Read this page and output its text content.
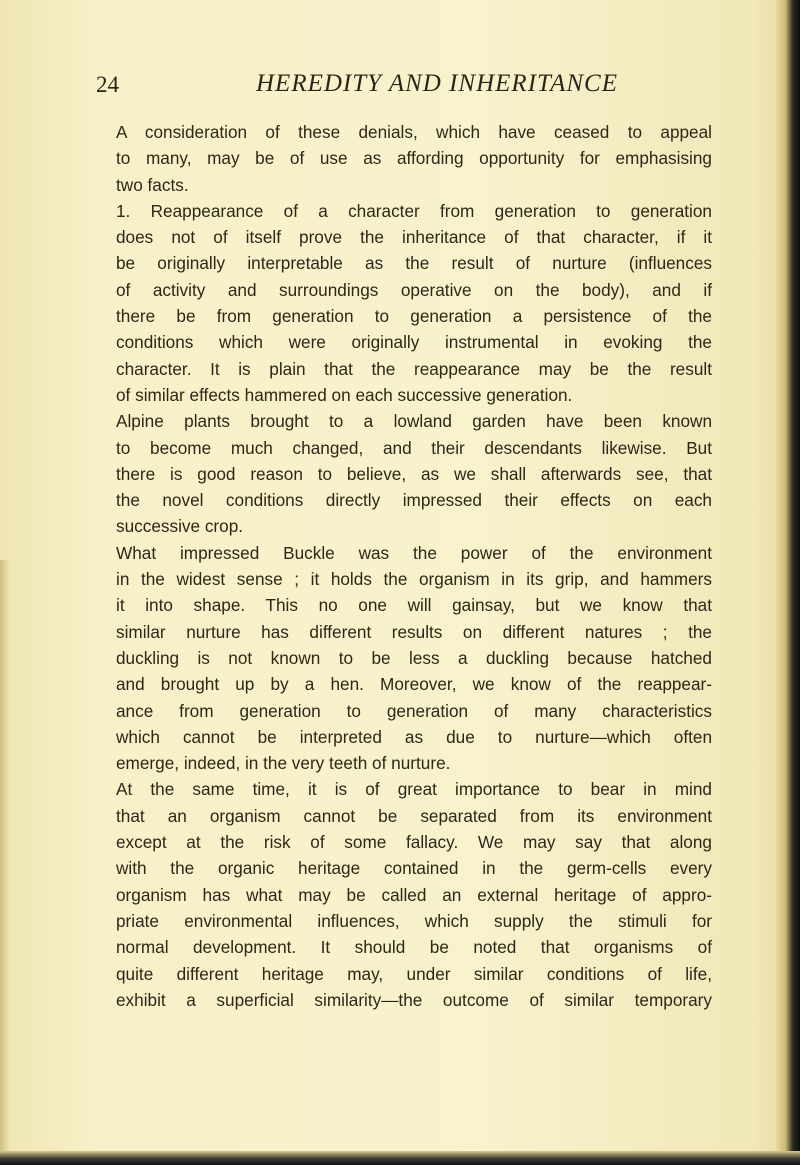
24	HEREDITY AND INHERITANCE
A consideration of these denials, which have ceased to appeal
to many, may be of use as affording opportunity for emphasising
two facts.
1. Reappearance of a character from generation to generation
does not of itself prove the inheritance of that character, if it
be originally interpretable as the result of nurture (influences
of activity and surroundings operative on the body), and if
there be from generation to generation a persistence of the
conditions which were originally instrumental in evoking the
character. It is plain that the reappearance may be the result
of similar effects hammered on each successive generation.
Alpine plants brought to a lowland garden have been known
to become much changed, and their descendants likewise. But
there is good reason to believe, as we shall afterwards see, that
the novel conditions directly impressed their effects on each
successive crop.
What impressed Buckle was the power of the environment
in the widest sense ; it holds the organism in its grip, and hammers
it into shape. This no one will gainsay, but we know that
similar nurture has different results on different natures ; the
duckling is not known to be less a duckling because hatched
and brought up by a hen. Moreover, we know of the reappear-
ance from generation to generation of many characteristics
which cannot be interpreted as due to nurture—which often
emerge, indeed, in the very teeth of nurture.
At the same time, it is of great importance to bear in mind
that an organism cannot be separated from its environment
except at the risk of some fallacy. We may say that along
with the organic heritage contained in the germ-cells every
organism has what may be called an external heritage of appro-
priate environmental influences, which supply the stimuli for
normal development. It should be noted that organisms of
quite different heritage may, under similar conditions of life,
exhibit a superficial similarity—the outcome of similar temporary
